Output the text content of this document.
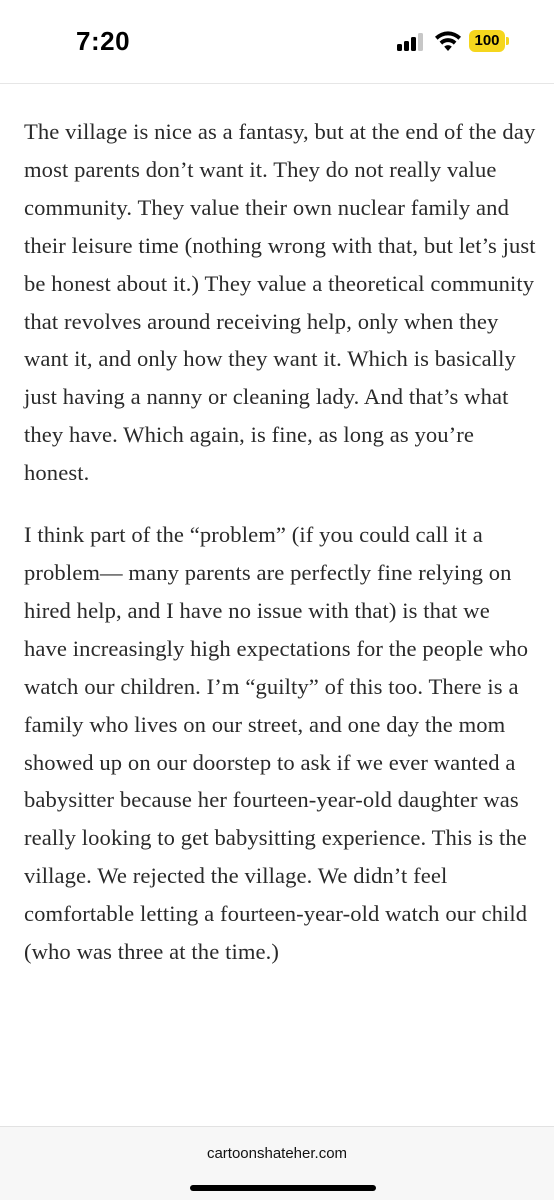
7:20	100

The village is nice as a fantasy, but at the end of the day most parents don’t want it. They do not really value community. They value their own nuclear family and their leisure time (nothing wrong with that, but let’s just be honest about it.) They value a theoretical community that revolves around receiving help, only when they want it, and only how they want it. Which is basically just having a nanny or cleaning lady. And that’s what they have. Which again, is fine, as long as you’re honest.

I think part of the “problem” (if you could call it a problem— many parents are perfectly fine relying on hired help, and I have no issue with that) is that we have increasingly high expectations for the people who watch our children. I’m “guilty” of this too. There is a family who lives on our street, and one day the mom showed up on our doorstep to ask if we ever wanted a babysitter because her fourteen-year-old daughter was really looking to get babysitting experience. This is the village. We rejected the village. We didn’t feel comfortable letting a fourteen-year-old watch our child (who was three at the time.)

cartoonshateher.com
